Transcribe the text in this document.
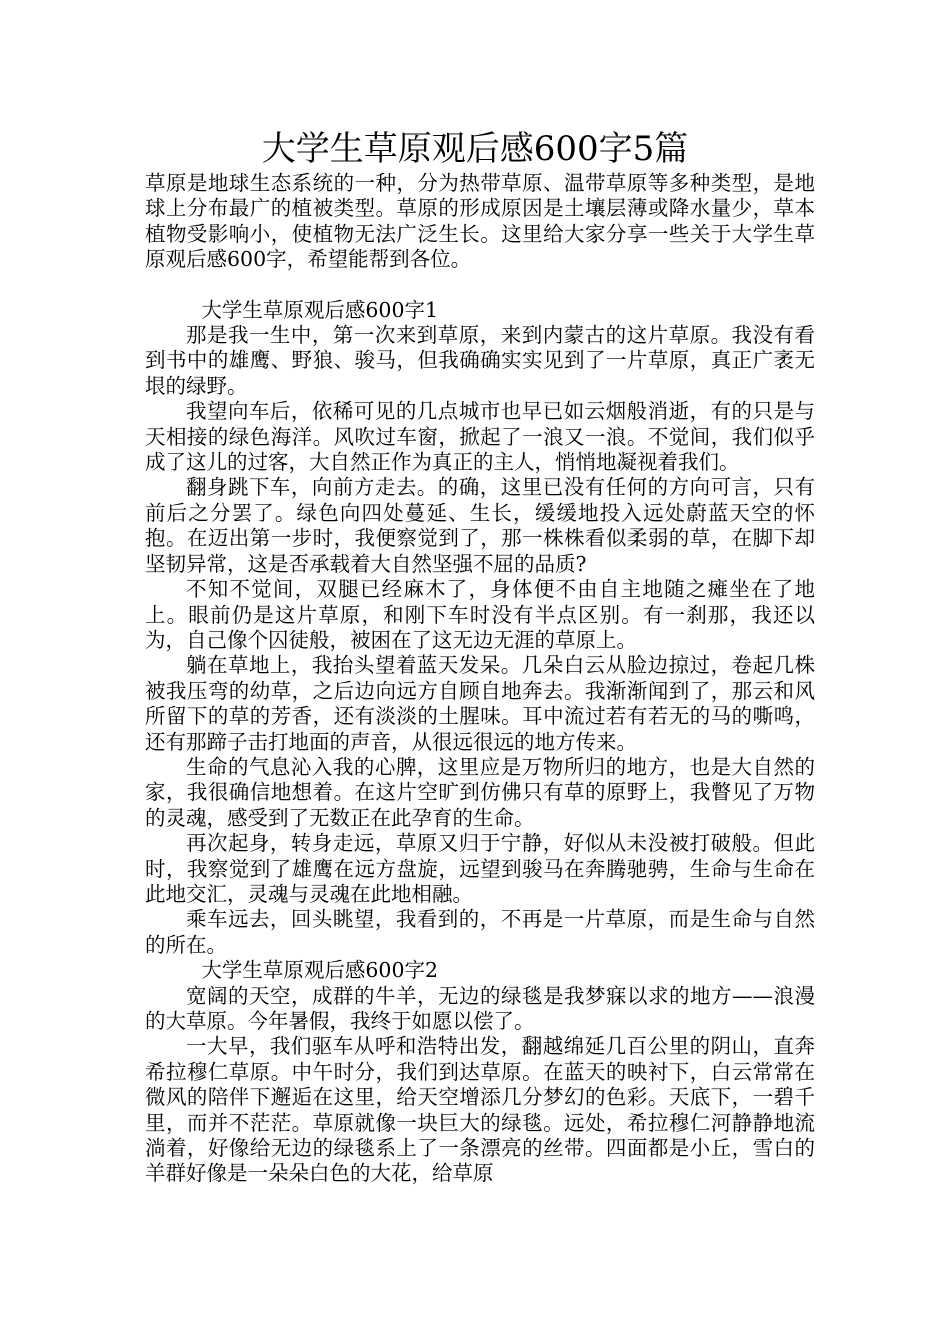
大学生草原观后感600字5篇

草原是地球生态系统的一种，分为热带草原、温带草原等多种类型，是地球上分布最广的植被类型。草原的形成原因是土壤层薄或降水量少，草本植物受影响小，使植物无法广泛生长。这里给大家分享一些关于大学生草原观后感600字，希望能帮到各位。

大学生草原观后感600字1

那是我一生中，第一次来到草原，来到内蒙古的这片草原。我没有看到书中的雄鹰、野狼、骏马，但我确确实实见到了一片草原，真正广袤无垠的绿野。

我望向车后，依稀可见的几点城市也早已如云烟般消逝，有的只是与天相接的绿色海洋。风吹过车窗，掀起了一浪又一浪。不觉间，我们似乎成了这儿的过客，大自然正作为真正的主人，悄悄地凝视着我们。

翻身跳下车，向前方走去。的确，这里已没有任何的方向可言，只有前后之分罢了。绿色向四处蔓延、生长，缓缓地投入远处蔚蓝天空的怀抱。在迈出第一步时，我便察觉到了，那一株株看似柔弱的草，在脚下却坚韧异常，这是否承载着大自然坚强不屈的品质?

不知不觉间，双腿已经麻木了，身体便不由自主地随之瘫坐在了地上。眼前仍是这片草原，和刚下车时没有半点区别。有一刹那，我还以为，自己像个囚徒般，被困在了这无边无涯的草原上。

躺在草地上，我抬头望着蓝天发呆。几朵白云从脸边掠过，卷起几株被我压弯的幼草，之后边向远方自顾自地奔去。我渐渐闻到了，那云和风所留下的草的芳香，还有淡淡的土腥味。耳中流过若有若无的马的嘶鸣，还有那蹄子击打地面的声音，从很远很远的地方传来。

生命的气息沁入我的心脾，这里应是万物所归的地方，也是大自然的家，我很确信地想着。在这片空旷到仿佛只有草的原野上，我瞥见了万物的灵魂，感受到了无数正在此孕育的生命。

再次起身，转身走远，草原又归于宁静，好似从未没被打破般。但此时，我察觉到了雄鹰在远方盘旋，远望到骏马在奔腾驰骋，生命与生命在此地交汇，灵魂与灵魂在此地相融。

乘车远去，回头眺望，我看到的，不再是一片草原，而是生命与自然的所在。

大学生草原观后感600字2

宽阔的天空，成群的牛羊，无边的绿毯是我梦寐以求的地方——浪漫的大草原。今年暑假，我终于如愿以偿了。

一大早，我们驱车从呼和浩特出发，翻越绵延几百公里的阴山，直奔希拉穆仁草原。中午时分，我们到达草原。在蓝天的映衬下，白云常常在微风的陪伴下邂逅在这里，给天空增添几分梦幻的色彩。天底下，一碧千里，而并不茫茫。草原就像一块巨大的绿毯。远处，希拉穆仁河静静地流淌着，好像给无边的绿毯系上了一条漂亮的丝带。四面都是小丘，雪白的羊群好像是一朵朵白色的大花，给草原
